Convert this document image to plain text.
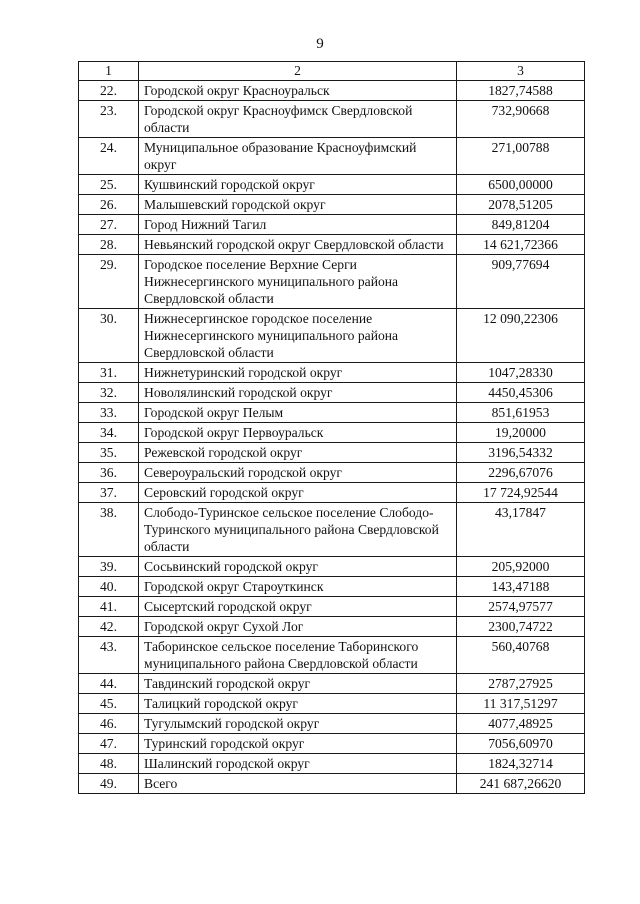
9
1	2	3
22.	Городской округ Красноуральск	1827,74588
23.	Городской округ Красноуфимск Свердловской области	732,90668
24.	Муниципальное образование Красноуфимский округ	271,00788
25.	Кушвинский городской округ	6500,00000
26.	Малышевский городской округ	2078,51205
27.	Город Нижний Тагил	849,81204
28.	Невьянский городской округ Свердловской области	14 621,72366
29.	Городское поселение Верхние Серги Нижнесергинского муниципального района Свердловской области	909,77694
30.	Нижнесергинское городское поселение Нижнесергинского муниципального района Свердловской области	12 090,22306
31.	Нижнетуринский городской округ	1047,28330
32.	Новолялинский городской округ	4450,45306
33.	Городской округ Пелым	851,61953
34.	Городской округ Первоуральск	19,20000
35.	Режевской городской округ	3196,54332
36.	Североуральский городской округ	2296,67076
37.	Серовский городской округ	17 724,92544
38.	Слободо-Туринское сельское поселение Слободо-Туринского муниципального района Свердловской области	43,17847
39.	Сосьвинский городской округ	205,92000
40.	Городской округ Староуткинск	143,47188
41.	Сысертский городской округ	2574,97577
42.	Городской округ Сухой Лог	2300,74722
43.	Таборинское сельское поселение Таборинского муниципального района Свердловской области	560,40768
44.	Тавдинский городской округ	2787,27925
45.	Талицкий городской округ	11 317,51297
46.	Тугулымский городской округ	4077,48925
47.	Туринский городской округ	7056,60970
48.	Шалинский городской округ	1824,32714
49.	Всего	241 687,26620
